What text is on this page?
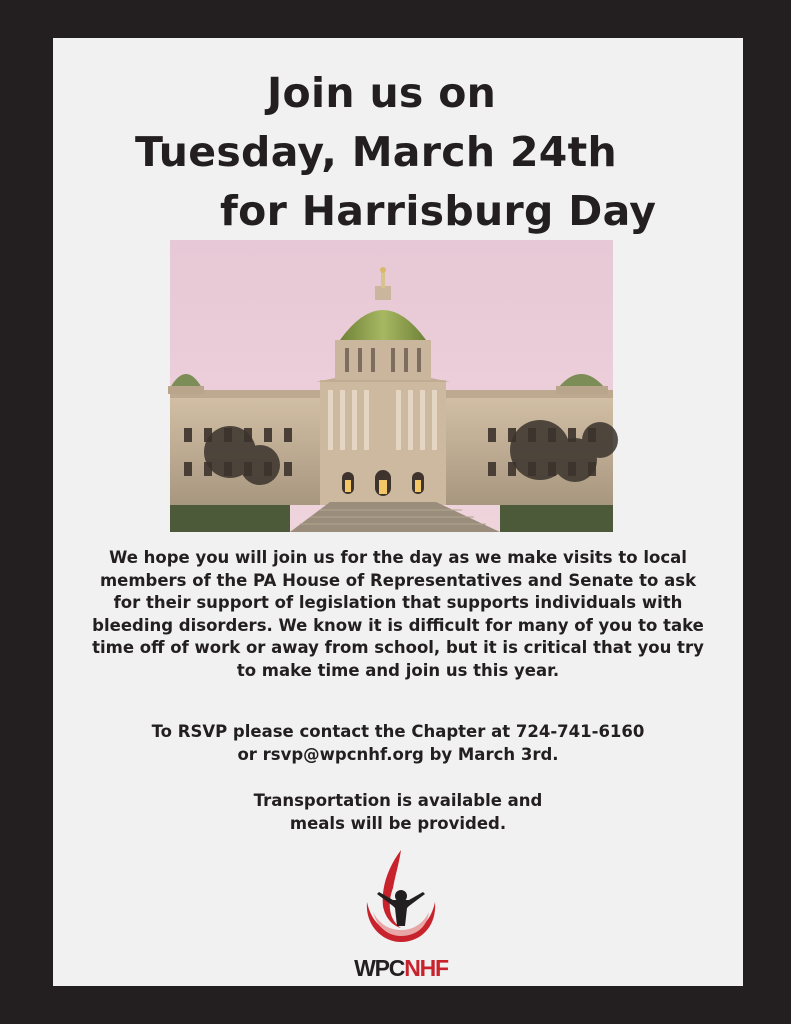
Join us on
Tuesday, March 24th
for Harrisburg Day
We hope you will join us for the day as we make visits to local
members of the PA House of Representatives and Senate to ask
for their support of legislation that supports individuals with
bleeding disorders. We know it is difficult for many of you to take
time off of work or away from school, but it is critical that you try
to make time and join us this year.
To RSVP please contact the Chapter at 724-741-6160
or rsvp@wpcnhf.org by March 3rd.
Transportation is available and
meals will be provided.
WPCNHF
